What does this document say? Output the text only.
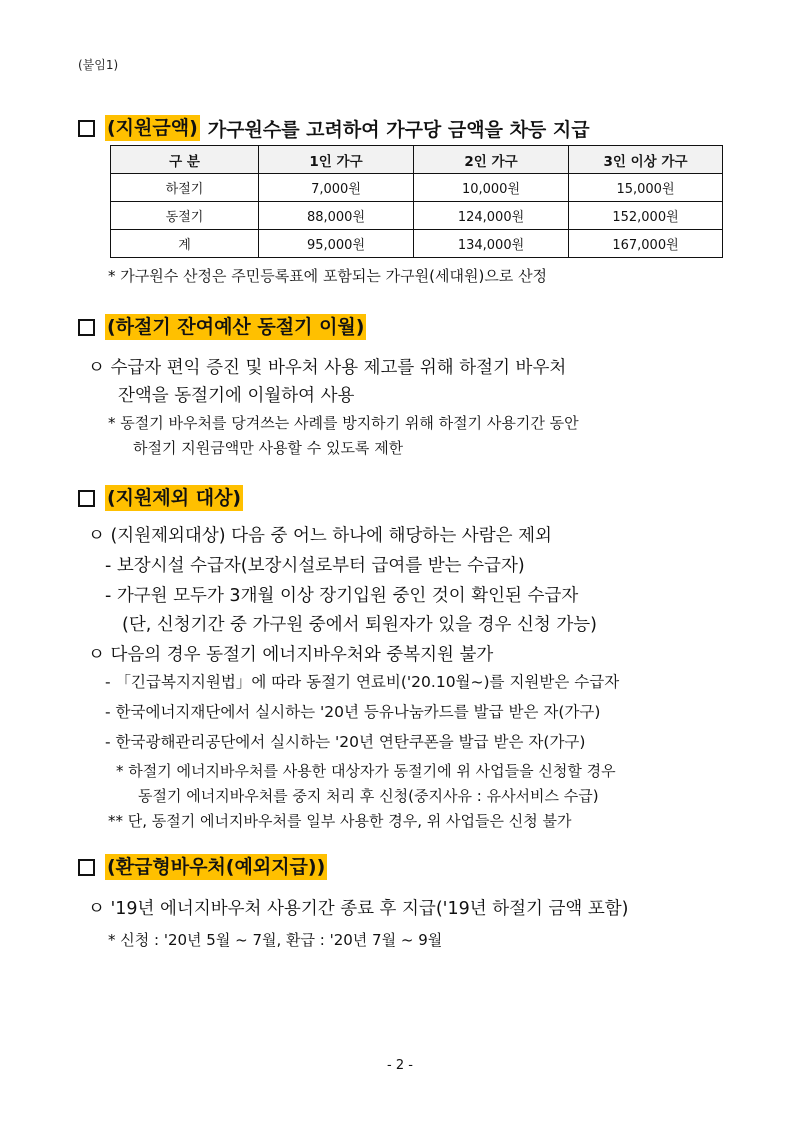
(붙임1)
(지원금액) 가구원수를 고려하여 가구당 금액을 차등 지급
구 분	1인 가구	2인 가구	3인 이상 가구
하절기	7,000원	10,000원	15,000원
동절기	88,000원	124,000원	152,000원
계	95,000원	134,000원	167,000원
* 가구원수 산정은 주민등록표에 포함되는 가구원(세대원)으로 산정
(하절기 잔여예산 동절기 이월)
ㅇ 수급자 편익 증진 및 바우처 사용 제고를 위해 하절기 바우처
잔액을 동절기에 이월하여 사용
* 동절기 바우처를 당겨쓰는 사례를 방지하기 위해 하절기 사용기간 동안
하절기 지원금액만 사용할 수 있도록 제한
(지원제외 대상)
ㅇ (지원제외대상) 다음 중 어느 하나에 해당하는 사람은 제외
- 보장시설 수급자(보장시설로부터 급여를 받는 수급자)
- 가구원 모두가 3개월 이상 장기입원 중인 것이 확인된 수급자
(단, 신청기간 중 가구원 중에서 퇴원자가 있을 경우 신청 가능)
ㅇ 다음의 경우 동절기 에너지바우처와 중복지원 불가
- 「긴급복지지원법」에 따라 동절기 연료비('20.10월~)를 지원받은 수급자
- 한국에너지재단에서 실시하는 '20년 등유나눔카드를 발급 받은 자(가구)
- 한국광해관리공단에서 실시하는 '20년 연탄쿠폰을 발급 받은 자(가구)
* 하절기 에너지바우처를 사용한 대상자가 동절기에 위 사업들을 신청할 경우
동절기 에너지바우처를 중지 처리 후 신청(중지사유 : 유사서비스 수급)
** 단, 동절기 에너지바우처를 일부 사용한 경우, 위 사업들은 신청 불가
(환급형바우처(예외지급))
ㅇ '19년 에너지바우처 사용기간 종료 후 지급('19년 하절기 금액 포함)
* 신청 : '20년 5월 ~ 7월, 환급 : '20년 7월 ~ 9월
- 2 -
